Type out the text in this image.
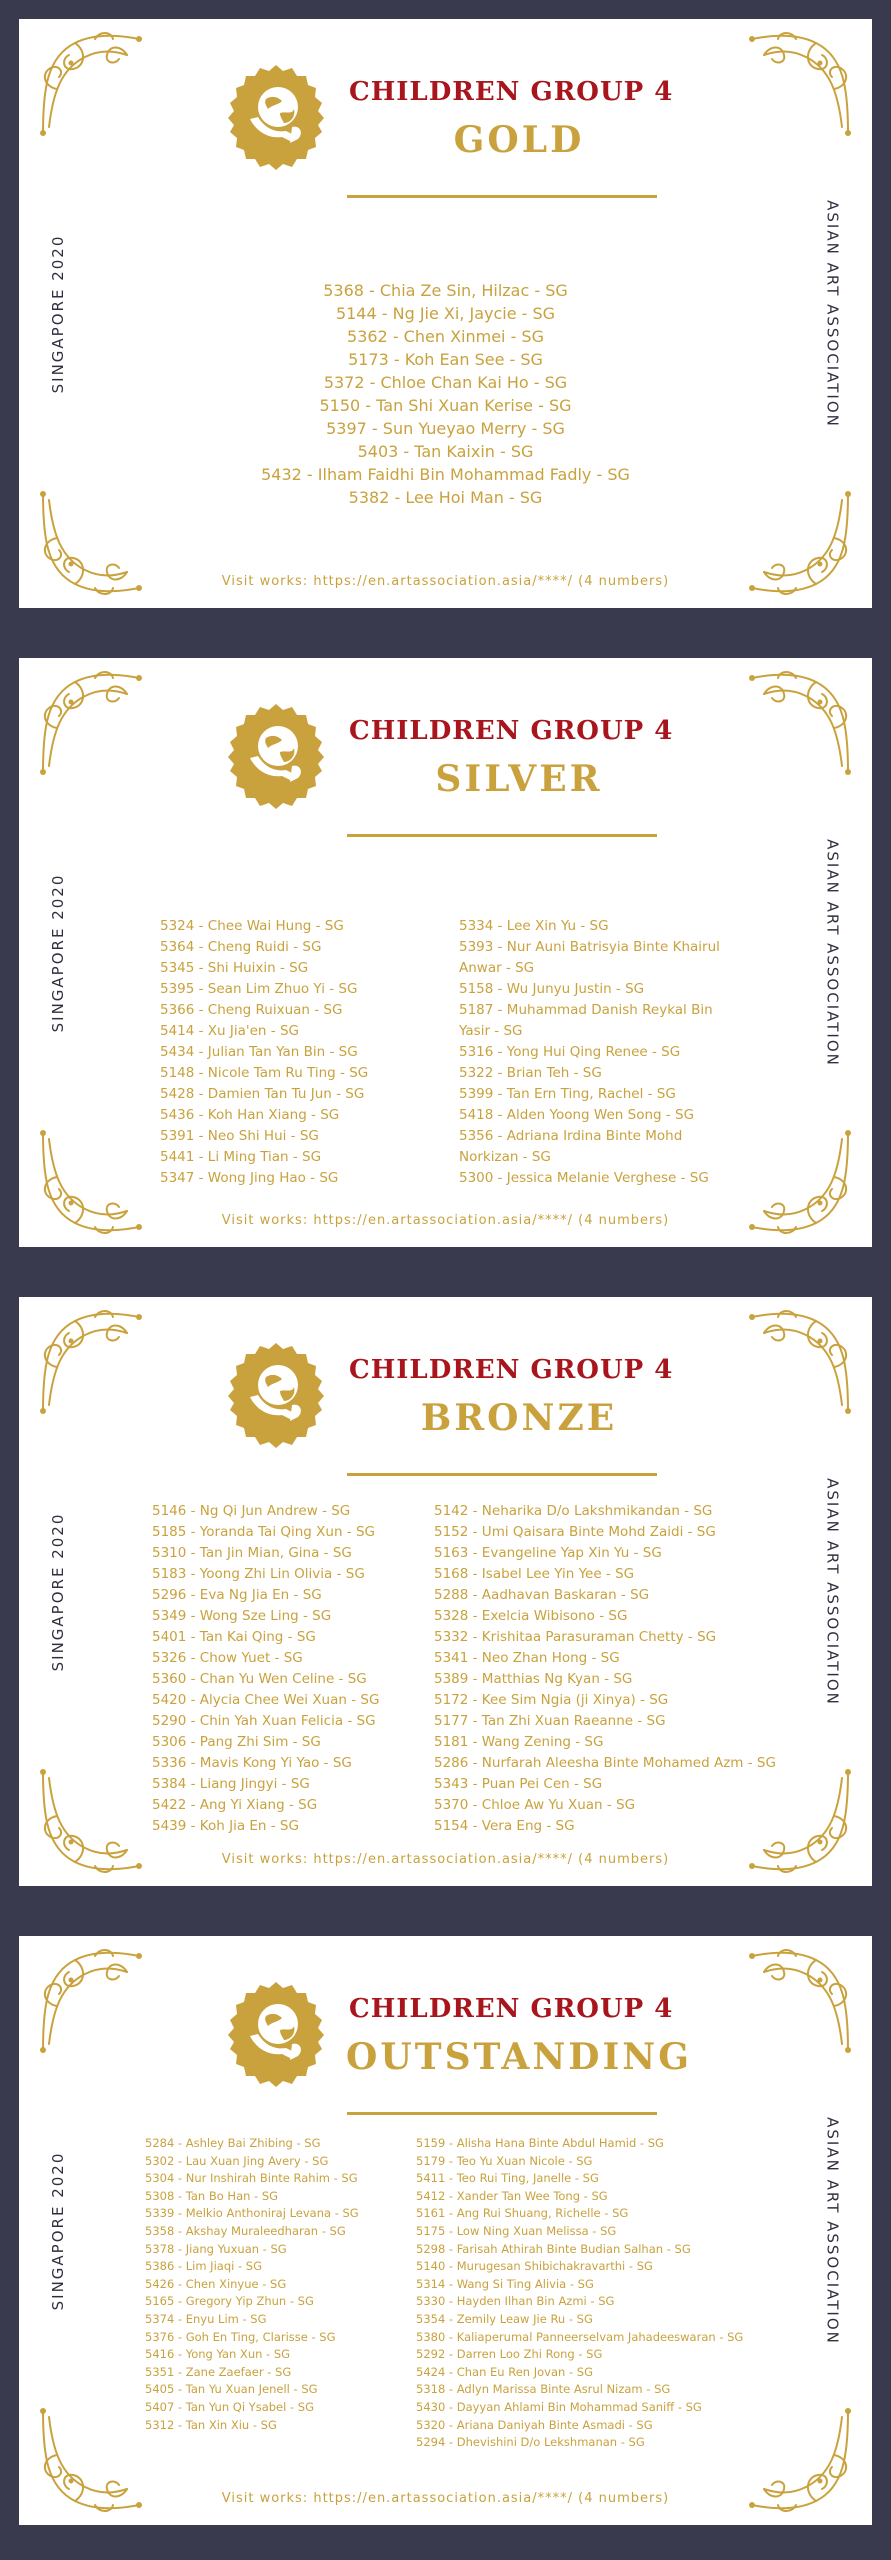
SINGAPORE 2020	ASIAN ART ASSOCIATION
CHILDREN GROUP 4
GOLD
5368 - Chia Ze Sin, Hilzac - SG
5144 - Ng Jie Xi, Jaycie - SG
5362 - Chen Xinmei - SG
5173 - Koh Ean See - SG
5372 - Chloe Chan Kai Ho - SG
5150 - Tan Shi Xuan Kerise - SG
5397 - Sun Yueyao Merry - SG
5403 - Tan Kaixin - SG
5432 - Ilham Faidhi Bin Mohammad Fadly - SG
5382 - Lee Hoi Man - SG
Visit works: https://en.artassociation.asia/****/ (4 numbers)
SINGAPORE 2020	ASIAN ART ASSOCIATION
CHILDREN GROUP 4
SILVER
5324 - Chee Wai Hung - SG
5364 - Cheng Ruidi - SG
5345 - Shi Huixin - SG
5395 - Sean Lim Zhuo Yi - SG
5366 - Cheng Ruixuan - SG
5414 - Xu Jia'en - SG
5434 - Julian Tan Yan Bin - SG
5148 - Nicole Tam Ru Ting - SG
5428 - Damien Tan Tu Jun - SG
5436 - Koh Han Xiang - SG
5391 - Neo Shi Hui - SG
5441 - Li Ming Tian - SG
5347 - Wong Jing Hao - SG
5334 - Lee Xin Yu - SG
5393 - Nur Auni Batrisyia Binte Khairul
Anwar - SG
5158 - Wu Junyu Justin - SG
5187 - Muhammad Danish Reykal Bin
Yasir - SG
5316 - Yong Hui Qing Renee - SG
5322 - Brian Teh - SG
5399 - Tan Ern Ting, Rachel - SG
5418 - Alden Yoong Wen Song - SG
5356 - Adriana Irdina Binte Mohd
Norkizan - SG
5300 - Jessica Melanie Verghese - SG
Visit works: https://en.artassociation.asia/****/ (4 numbers)
SINGAPORE 2020	ASIAN ART ASSOCIATION
CHILDREN GROUP 4
BRONZE
5146 - Ng Qi Jun Andrew - SG
5185 - Yoranda Tai Qing Xun - SG
5310 - Tan Jin Mian, Gina - SG
5183 - Yoong Zhi Lin Olivia - SG
5296 - Eva Ng Jia En - SG
5349 - Wong Sze Ling - SG
5401 - Tan Kai Qing - SG
5326 - Chow Yuet - SG
5360 - Chan Yu Wen Celine - SG
5420 - Alycia Chee Wei Xuan - SG
5290 - Chin Yah Xuan Felicia - SG
5306 - Pang Zhi Sim - SG
5336 - Mavis Kong Yi Yao - SG
5384 - Liang Jingyi - SG
5422 - Ang Yi Xiang - SG
5439 - Koh Jia En - SG
5142 - Neharika D/o Lakshmikandan - SG
5152 - Umi Qaisara Binte Mohd Zaidi - SG
5163 - Evangeline Yap Xin Yu - SG
5168 - Isabel Lee Yin Yee - SG
5288 - Aadhavan Baskaran - SG
5328 - Exelcia Wibisono - SG
5332 - Krishitaa Parasuraman Chetty - SG
5341 - Neo Zhan Hong - SG
5389 - Matthias Ng Kyan - SG
5172 - Kee Sim Ngia (ji Xinya) - SG
5177 - Tan Zhi Xuan Raeanne - SG
5181 - Wang Zening - SG
5286 - Nurfarah Aleesha Binte Mohamed Azm - SG
5343 - Puan Pei Cen - SG
5370 - Chloe Aw Yu Xuan - SG
5154 - Vera Eng - SG
Visit works: https://en.artassociation.asia/****/ (4 numbers)
SINGAPORE 2020	ASIAN ART ASSOCIATION
CHILDREN GROUP 4
OUTSTANDING
5284 - Ashley Bai Zhibing - SG
5302 - Lau Xuan Jing Avery - SG
5304 - Nur Inshirah Binte Rahim - SG
5308 - Tan Bo Han - SG
5339 - Melkio Anthoniraj Levana - SG
5358 - Akshay Muraleedharan - SG
5378 - Jiang Yuxuan - SG
5386 - Lim Jiaqi - SG
5426 - Chen Xinyue - SG
5165 - Gregory Yip Zhun - SG
5374 - Enyu Lim - SG
5376 - Goh En Ting, Clarisse - SG
5416 - Yong Yan Xun - SG
5351 - Zane Zaefaer - SG
5405 - Tan Yu Xuan Jenell - SG
5407 - Tan Yun Qi Ysabel - SG
5312 - Tan Xin Xiu - SG
5159 - Alisha Hana Binte Abdul Hamid - SG
5179 - Teo Yu Xuan Nicole - SG
5411 - Teo Rui Ting, Janelle - SG
5412 - Xander Tan Wee Tong - SG
5161 - Ang Rui Shuang, Richelle - SG
5175 - Low Ning Xuan Melissa - SG
5298 - Farisah Athirah Binte Budian Salhan - SG
5140 - Murugesan Shibichakravarthi - SG
5314 - Wang Si Ting Alivia - SG
5330 - Hayden Ilhan Bin Azmi - SG
5354 - Zemily Leaw Jie Ru - SG
5380 - Kaliaperumal Panneerselvam Jahadeeswaran - SG
5292 - Darren Loo Zhi Rong - SG
5424 - Chan Eu Ren Jovan - SG
5318 - Adlyn Marissa Binte Asrul Nizam - SG
5430 - Dayyan Ahlami Bin Mohammad Saniff - SG
5320 - Ariana Daniyah Binte Asmadi - SG
5294 - Dhevishini D/o Lekshmanan - SG
Visit works: https://en.artassociation.asia/****/ (4 numbers)
